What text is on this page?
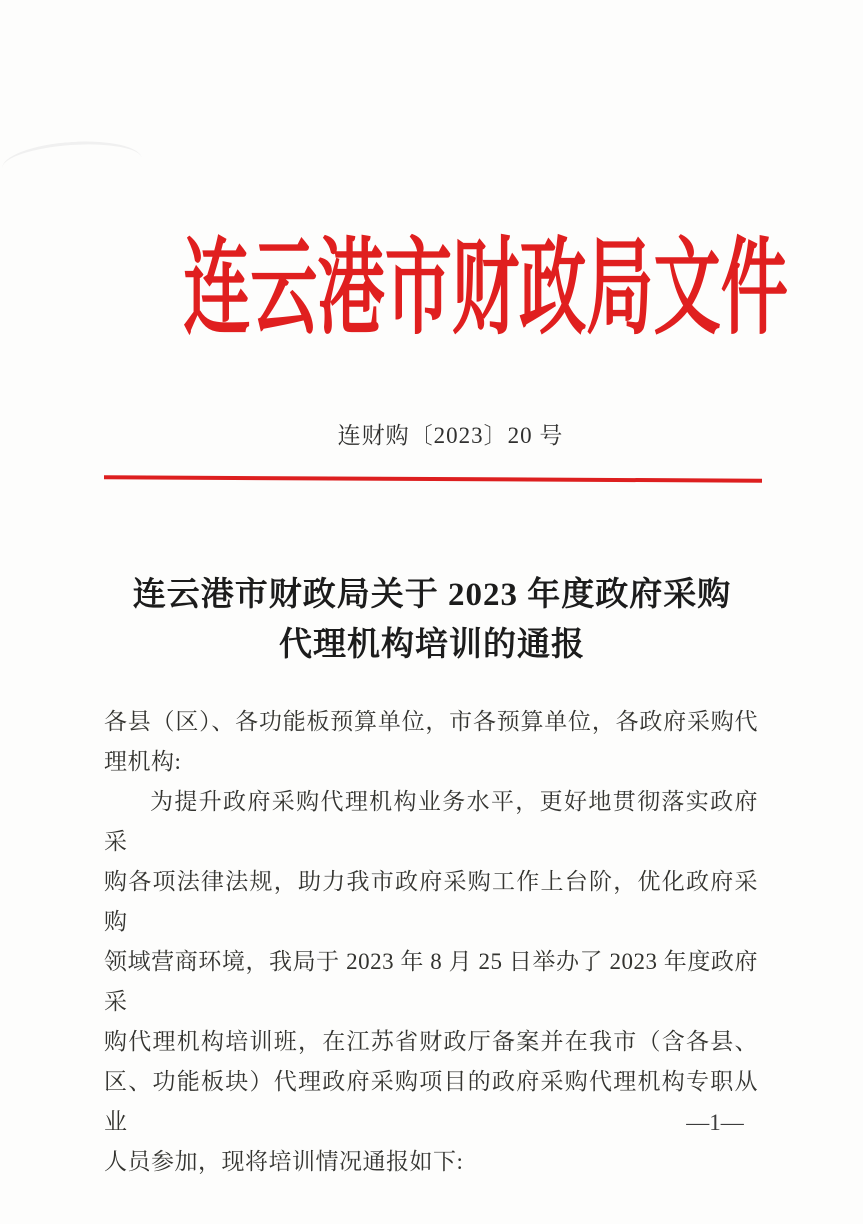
连云港市财政局文件
连财购〔2023〕20 号
连云港市财政局关于 2023 年度政府采购
代理机构培训的通报
各县（区）、各功能板预算单位，市各预算单位，各政府采购代
理机构:
为提升政府采购代理机构业务水平，更好地贯彻落实政府采
购各项法律法规，助力我市政府采购工作上台阶，优化政府采购
领域营商环境，我局于 2023 年 8 月 25 日举办了 2023 年度政府采
购代理机构培训班，在江苏省财政厅备案并在我市（含各县、
区、功能板块）代理政府采购项目的政府采购代理机构专职从业
人员参加，现将培训情况通报如下:
—1—
